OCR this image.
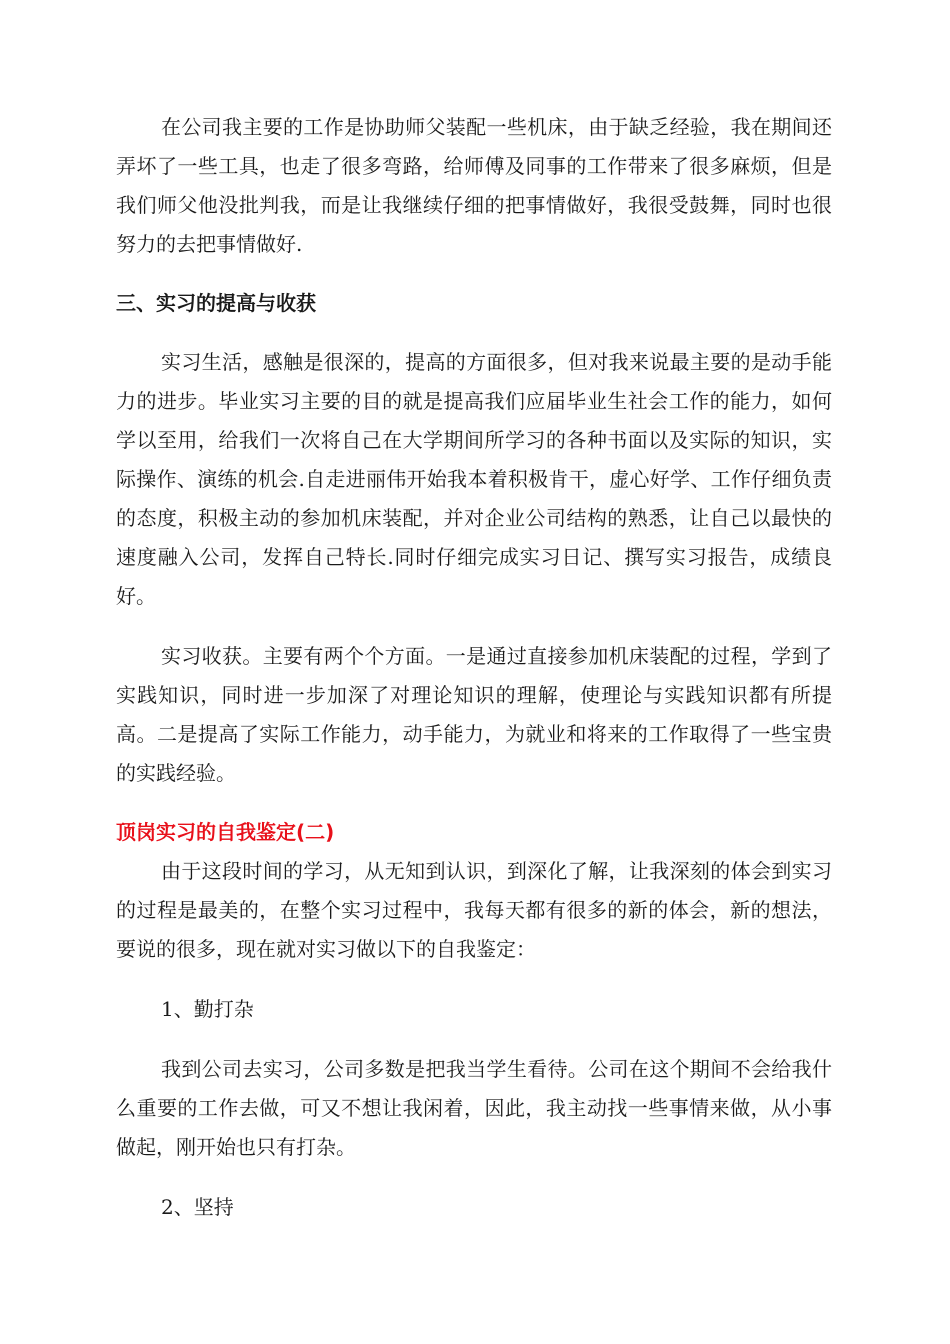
在公司我主要的工作是协助师父装配一些机床，由于缺乏经验，我在期间还弄坏了一些工具，也走了很多弯路，给师傅及同事的工作带来了很多麻烦，但是我们师父他没批判我，而是让我继续仔细的把事情做好，我很受鼓舞，同时也很努力的去把事情做好.

三、实习的提高与收获

实习生活，感触是很深的，提高的方面很多，但对我来说最主要的是动手能力的进步。毕业实习主要的目的就是提高我们应届毕业生社会工作的能力，如何学以至用，给我们一次将自己在大学期间所学习的各种书面以及实际的知识，实际操作、演练的机会.自走进丽伟开始我本着积极肯干，虚心好学、工作仔细负责的态度，积极主动的参加机床装配，并对企业公司结构的熟悉，让自己以最快的速度融入公司，发挥自己特长.同时仔细完成实习日记、撰写实习报告，成绩良好。

实习收获。主要有两个个方面。一是通过直接参加机床装配的过程，学到了实践知识，同时进一步加深了对理论知识的理解，使理论与实践知识都有所提高。二是提高了实际工作能力，动手能力，为就业和将来的工作取得了一些宝贵的实践经验。

顶岗实习的自我鉴定(二)

由于这段时间的学习，从无知到认识，到深化了解，让我深刻的体会到实习的过程是最美的，在整个实习过程中，我每天都有很多的新的体会，新的想法，要说的很多，现在就对实习做以下的自我鉴定：

1、勤打杂

我到公司去实习，公司多数是把我当学生看待。公司在这个期间不会给我什么重要的工作去做，可又不想让我闲着，因此，我主动找一些事情来做，从小事做起，刚开始也只有打杂。

2、坚持
